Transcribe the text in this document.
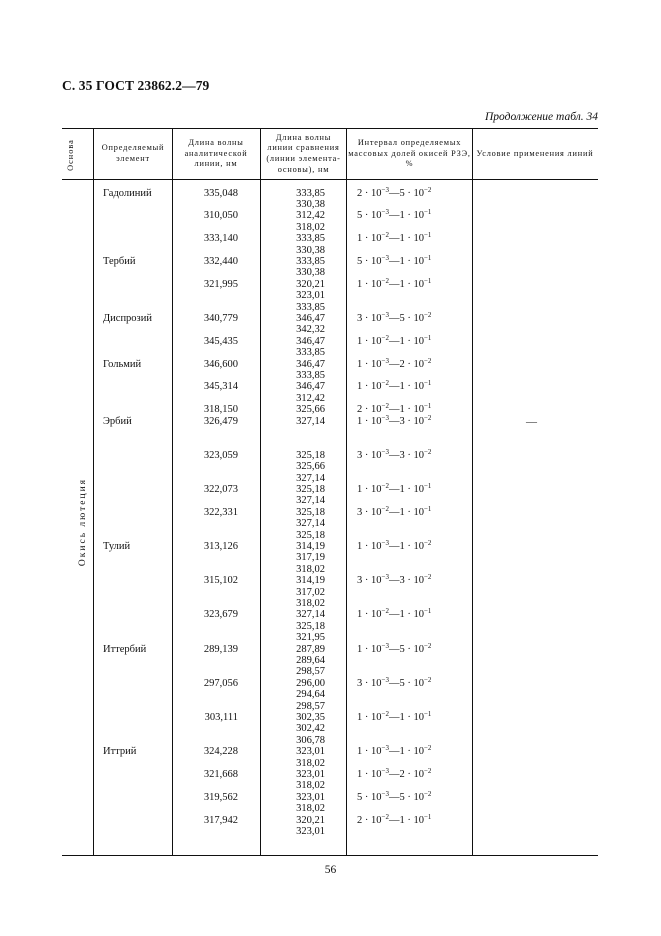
С. 35 ГОСТ 23862.2—79
Продолжение табл. 34
Основа	Определяемый элемент
Длина волны аналитической линии, нм
Длина волны линии сравнения (линии элемента-основы), нм
Интервал определяемых массовых долей окисей РЗЭ, %
Условие применения линий
Окись лютеция
—
Гадолиний
Тербий
Диспрозий
Гольмий
Эрбий
Тулий
Иттербий
Иттрий
335,048
310,050
333,140
332,440
321,995
340,779
345,435
346,600
345,314
318,150
326,479
323,059
322,073
322,331
313,126
315,102
323,679
289,139
297,056
303,111
324,228
321,668
319,562
317,942
333,85
330,38
312,42
318,02
333,85
330,38
333,85
330,38
320,21
323,01
333,85
346,47
342,32
346,47
333,85
346,47
333,85
346,47
312,42
325,66
327,14
325,18
325,66
327,14
325,18
327,14
325,18
327,14
325,18
314,19
317,19
318,02
314,19
317,02
318,02
327,14
325,18
321,95
287,89
289,64
298,57
296,00
294,64
298,57
302,35
302,42
306,78
323,01
318,02
323,01
318,02
323,01
318,02
320,21
323,01
$2 \cdot 10^{-3}—5 \cdot 10^{-2}$
$5 \cdot 10^{-3}—1 \cdot 10^{-1}$
$1 \cdot 10^{-2}—1 \cdot 10^{-1}$
$5 \cdot 10^{-3}—1 \cdot 10^{-1}$
$1 \cdot 10^{-2}—1 \cdot 10^{-1}$
$3 \cdot 10^{-3}—5 \cdot 10^{-2}$
$1 \cdot 10^{-2}—1 \cdot 10^{-1}$
$1 \cdot 10^{-3}—2 \cdot 10^{-2}$
$1 \cdot 10^{-2}—1 \cdot 10^{-1}$
$2 \cdot 10^{-2}—1 \cdot 10^{-1}$
$1 \cdot 10^{-3}—3 \cdot 10^{-2}$
$3 \cdot 10^{-3}—3 \cdot 10^{-2}$
$1 \cdot 10^{-2}—1 \cdot 10^{-1}$
$3 \cdot 10^{-2}—1 \cdot 10^{-1}$
$1 \cdot 10^{-3}—1 \cdot 10^{-2}$
$3 \cdot 10^{-3}—3 \cdot 10^{-2}$
$1 \cdot 10^{-2}—1 \cdot 10^{-1}$
$1 \cdot 10^{-3}—5 \cdot 10^{-2}$
$3 \cdot 10^{-3}—5 \cdot 10^{-2}$
$1 \cdot 10^{-2}—1 \cdot 10^{-1}$
$1 \cdot 10^{-3}—1 \cdot 10^{-2}$
$1 \cdot 10^{-3}—2 \cdot 10^{-2}$
$5 \cdot 10^{-3}—5 \cdot 10^{-2}$
$2 \cdot 10^{-2}—1 \cdot 10^{-1}$
56
